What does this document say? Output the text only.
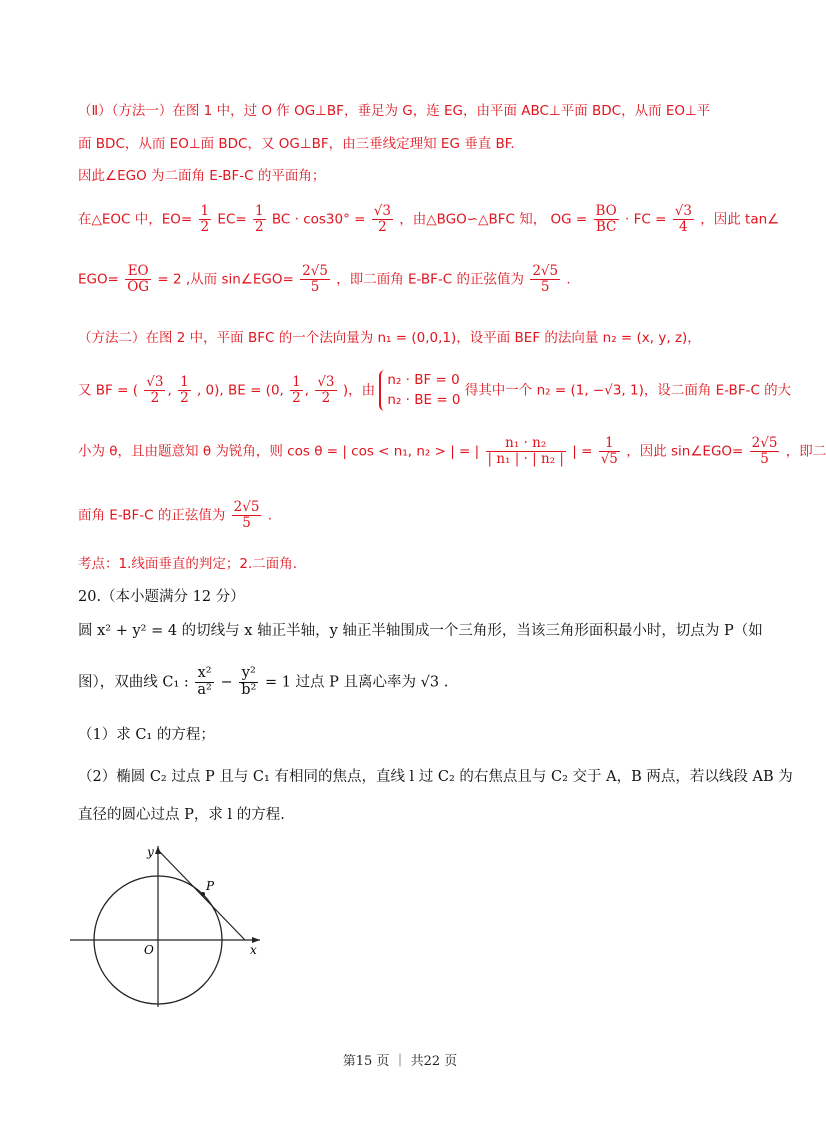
（Ⅱ）（方法一）在图 1 中，过 O 作 OG⊥BF，垂足为 G，连 EG，由平面 ABC⊥平面 BDC，从而 EO⊥平
面 BDC，从而 EO⊥面 BDC，又 OG⊥BF，由三垂线定理知 EG 垂直 BF.
因此∠EGO 为二面角 E-BF-C 的平面角；
在△EOC 中，$EO= \frac{1}{2} EC= \frac{1}{2}$ BC · $\cos 30^\circ = \frac{√3}{2}$ ，由△BGO∽△BFC 知， OG = $\frac{BO}{BC}$ · FC = $\frac{√3}{4}$ ，因此 tan∠
$EGO= \frac{EO}{OG} = 2$ ,从而 sin∠EGO= $\frac{2√5}{5}$ ，即二面角 E-BF-C 的正弦值为 $\frac{2√5}{5}$ .
（方法二）在图 2 中，平面 BFC 的一个法向量为 n₁ = (0,0,1)，设平面 BEF 的法向量 n₂ = (x, y, z)，
又 BF = ( $\frac{√3}{2}$ , $\frac{1}{2}$ , 0), BE = (0, $\frac{1}{2}$ , $\frac{√3}{2}$ )，由
n₂ · BF = 0
n₂ · BE = 0
得其中一个 n₂ = (1, −√3, 1)，设二面角 E-BF-C 的大
小为 θ，且由题意知 θ 为锐角，则 cos θ = | cos < n₁, n₂ > | = | $\frac{\text{n₁ · n₂}}{\text{| n₁ | · | n₂ |}}$ | = $\frac{1}{√5}$ ，因此 sin∠EGO= $\frac{2√5}{5}$ ，即二
面角 E-BF-C 的正弦值为 $\frac{2√5}{5}$ .
考点：1.线面垂直的判定；2.二面角.
20.（本小题满分 12 分）
圆 x² + y² = 4 的切线与 x 轴正半轴，y 轴正半轴围成一个三角形，当该三角形面积最小时，切点为 P（如
图），双曲线 C₁ : $\frac{\text{x²}}{\text{a²}} - \frac{\text{y²}}{\text{b²}} = 1$ 过点 P 且离心率为 √3 .
（1）求 C₁ 的方程；
（2）椭圆 C₂ 过点 P 且与 C₁ 有相同的焦点，直线 l 过 C₂ 的右焦点且与 C₂ 交于 A，B 两点，若以线段 AB 为
直径的圆心过点 P，求 l 的方程.
y
x
O
P
第15 页 ｜ 共22 页
